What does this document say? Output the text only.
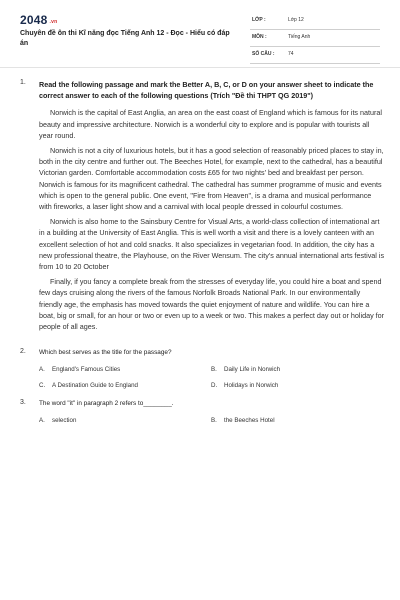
2048 $^{.vn}$
Chuyên đề ôn thi Kĩ năng đọc Tiếng Anh 12 - Đọc - Hiểu có đáp án
LỚP :	Lớp 12
MÔN :	Tiếng Anh
SỐ CÂU :	74
1. Read the following passage and mark the Better A, B, C, or D on your answer sheet to indicate the correct answer to each of the following questions (Trích "Đề thi THPT QG 2019")

Norwich is the capital of East Anglia, an area on the east coast of England which is famous for its natural beauty and impressive architecture. Norwich is a wonderful city to explore and is popular with tourists all year round.

Norwich is not a city of luxurious hotels, but it has a good selection of reasonably priced places to stay in, both in the city centre and further out. The Beeches Hotel, for example, next to the cathedral, has a beautiful Victorian garden. Comfortable accommodation costs £65 for two nights' bed and breakfast per person. Norwich is famous for its magnificent cathedral. The cathedral has summer programme of music and events which is open to the general public. One event, "Fire from Heaven", is a drama and musical performance with fireworks, a laser light show and a carnival with local people dressed in colourful costumes.

Norwich is also home to the Sainsbury Centre for Visual Arts, a world-class collection of international art in a building at the University of East Anglia. This is well worth a visit and there is a lovely canteen with an excellent selection of hot and cold snacks. It also specializes in vegetarian food. In addition, the city has a new professional theatre, the Playhouse, on the River Wensum. The city's annual international arts festival is from 10 to 20 October

Finally, if you fancy a complete break from the stresses of everyday life, you could hire a boat and spend few days cruising along the rivers of the famous Norfolk Broads National Park. In our environmentally friendly age, the emphasis has moved towards the quiet enjoyment of nature and wildlife. You can hire a boat, big or small, for an hour or two or even up to a week or two. This makes a perfect day out or holiday for people of all ages.

2. Which best serves as the title for the passage?
A. England's Famous Cities	B. Daily Life in Norwich
C. A Destination Guide to England	D. Holidays in Norwich
3. The word "it" in paragraph 2 refers to________.
A. selection	B. the Beeches Hotel
